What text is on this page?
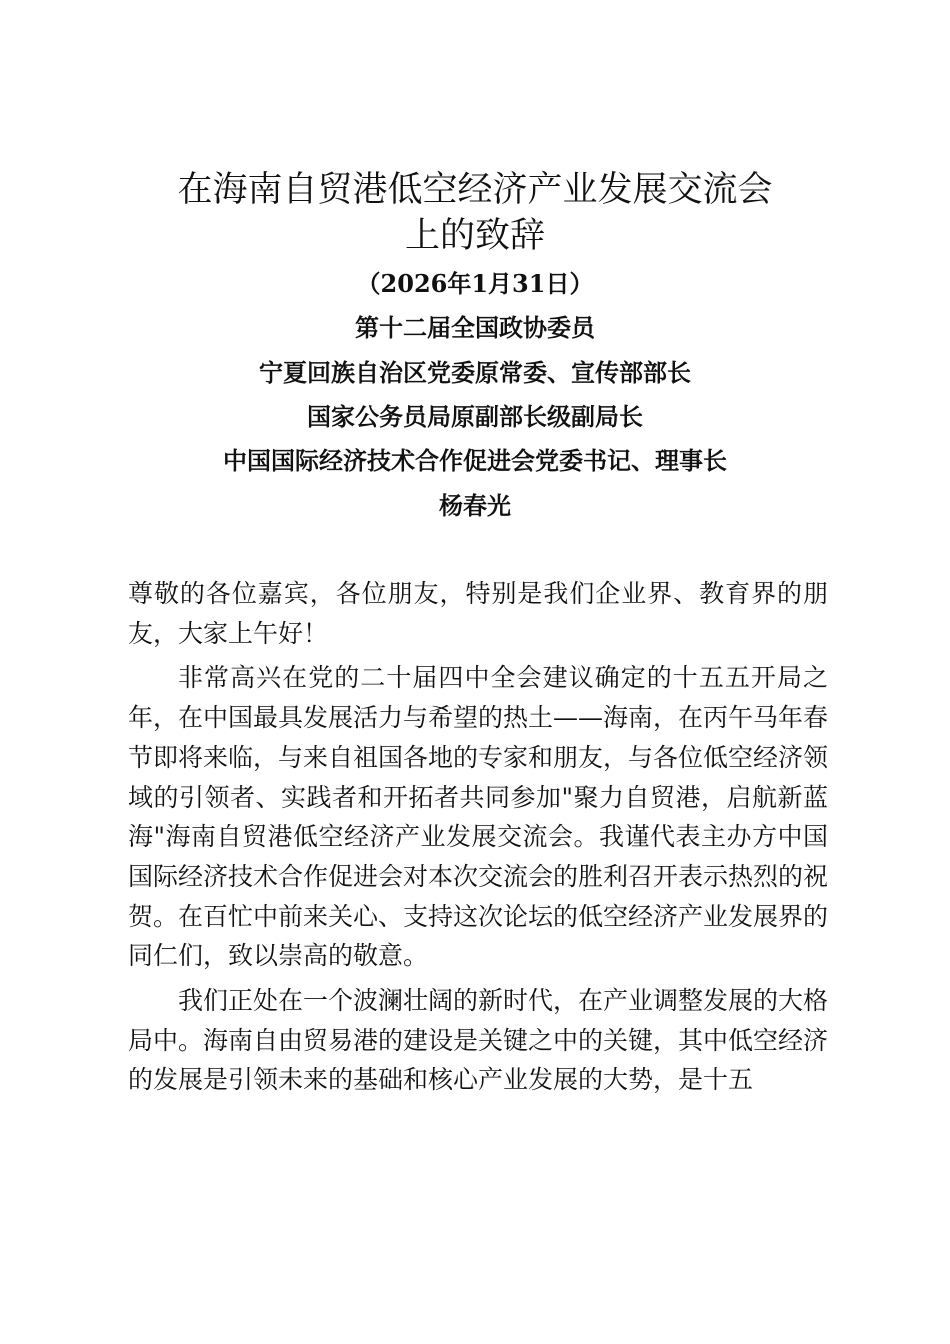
在海南自贸港低空经济产业发展交流会
上的致辞
（2026年1月31日）
第十二届全国政协委员
宁夏回族自治区党委原常委、宣传部部长
国家公务员局原副部长级副局长
中国国际经济技术合作促进会党委书记、理事长
杨春光

尊敬的各位嘉宾，各位朋友，特别是我们企业界、教育界的朋友，大家上午好！

非常高兴在党的二十届四中全会建议确定的十五五开局之年，在中国最具发展活力与希望的热土——海南，在丙午马年春节即将来临，与来自祖国各地的专家和朋友，与各位低空经济领域的引领者、实践者和开拓者共同参加"聚力自贸港，启航新蓝海"海南自贸港低空经济产业发展交流会。我谨代表主办方中国国际经济技术合作促进会对本次交流会的胜利召开表示热烈的祝贺。在百忙中前来关心、支持这次论坛的低空经济产业发展界的同仁们，致以崇高的敬意。

我们正处在一个波澜壮阔的新时代，在产业调整发展的大格局中。海南自由贸易港的建设是关键之中的关键，其中低空经济的发展是引领未来的基础和核心产业发展的大势，是十五
